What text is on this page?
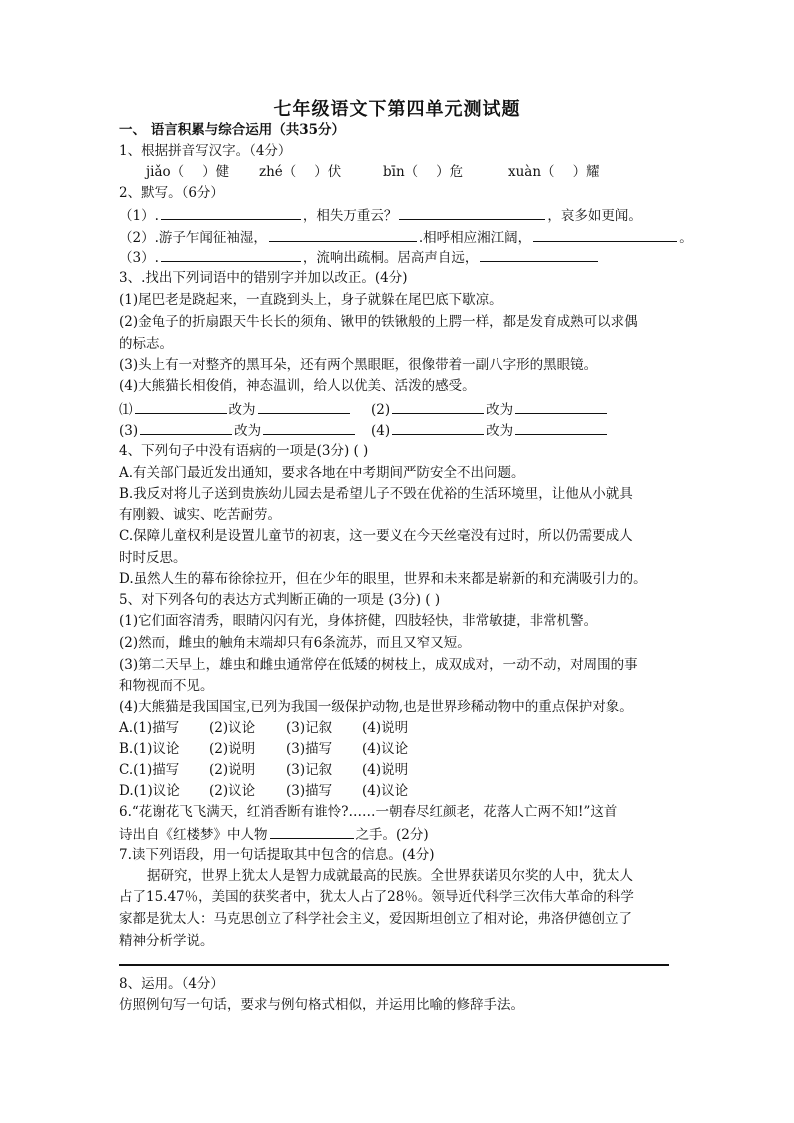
七年级语文下第四单元测试题
一、 语言积累与综合运用（共35分）
1、根据拼音写汉字。（4分）
jiǎo（ ）健 zhé（ ）伏	bīn（ ）危	xuàn（ ）耀
2、默写。（6分）
（1）.	，相失万重云？	，哀多如更闻。
（2）.游子乍闻征袖湿，	.相呼相应湘江阔，	。
（3）.	，流响出疏桐。居高声自远，
3、.找出下列词语中的错别字并加以改正。(4分)
(1)尾巴老是跷起来，一直跷到头上，身子就躲在尾巴底下歇凉。
(2)金龟子的折扇跟天牛长长的须角、锹甲的铁锹般的上腭一样，都是发育成熟可以求偶
的标志。
(3)头上有一对整齐的黑耳朵，还有两个黑眼眶，很像带着一副八字形的黑眼镜。
(4)大熊猫长相俊俏，神态温训，给人以优美、活泼的感受。
⑴	改为	(2)	改为
(3)	改为	(4)	改为
4、下列句子中没有语病的一项是(3分) ( )
A.有关部门最近发出通知，要求各地在中考期间严防安全不出问题。
B.我反对将儿子送到贵族幼儿园去是希望儿子不毁在优裕的生活环境里，让他从小就具
有刚毅、诚实、吃苦耐劳。
C.保障儿童权利是设置儿童节的初衷，这一要义在今天丝毫没有过时，所以仍需要成人
时时反思。
D.虽然人生的幕布徐徐拉开，但在少年的眼里，世界和未来都是崭新的和充满吸引力的。
5、对下列各句的表达方式判断正确的一项是 (3分) ( )
(1)它们面容清秀，眼睛闪闪有光，身体挤健，四肢轻快，非常敏捷，非常机警。
(2)然而，雌虫的触角末端却只有6条流苏，而且又窄又短。
(3)第二天早上，雄虫和雌虫通常停在低矮的树枝上，成双成对，一动不动，对周围的事
和物视而不见。
(4)大熊猫是我国国宝,已列为我国一级保护动物,也是世界珍稀动物中的重点保护对象。
A.(1)描写 (2)议论 (3)记叙 (4)说明
B.(1)议论 (2)说明 (3)描写 (4)议论
C.(1)描写 (2)说明 (3)记叙 (4)说明
D.(1)议论 (2)议论 (3)描写 (4)议论
6.“花谢花飞飞满天，红消香断有谁怜?……一朝春尽红颜老，花落人亡两不知!”这首
诗出自《红楼梦》中人物	之手。(2分)
7.读下列语段，用一句话提取其中包含的信息。(4分)
据研究，世界上犹太人是智力成就最高的民族。全世界获诺贝尔奖的人中，犹太人
占了15.47％，美国的获奖者中，犹太人占了28％。领导近代科学三次伟大革命的科学
家都是犹太人：马克思创立了科学社会主义，爱因斯坦创立了相对论，弗洛伊德创立了
精神分析学说。
8、运用。（4分）
仿照例句写一句话，要求与例句格式相似，并运用比喻的修辞手法。
